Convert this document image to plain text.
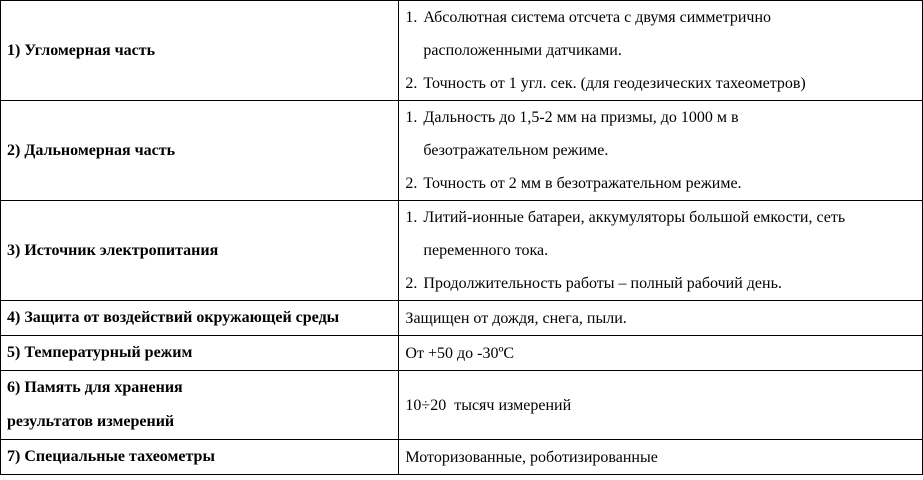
1) Угломерная часть	1. Абсолютная система отсчета с двумя симметрично
расположенными датчиками.
2. Точность от 1 угл. сек. (для геодезических тахеометров)

2) Дальномерная часть	1. Дальность до 1,5-2 мм на призмы, до 1000 м в
безотражательном режиме.
2. Точность от 2 мм в безотражательном режиме.

3) Источник электропитания	1. Литий-ионные батареи, аккумуляторы большой емкости, сеть
переменного тока.
2. Продолжительность работы – полный рабочий день.

4) Защита от воздействий окружающей среды	Защищен от дождя, снега, пыли.
5) Температурный режим	От +50 до -30ºС

6) Память для хранения
результатов измерений	10÷20  тысяч измерений
7) Специальные тахеометры	Моторизованные, роботизированные
